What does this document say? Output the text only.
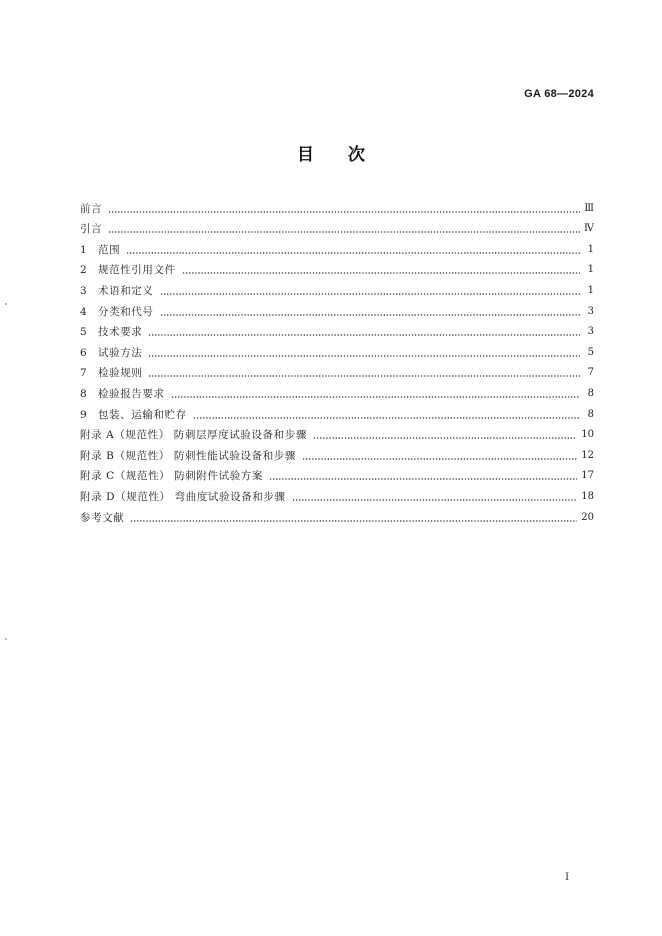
GA 68—2024
目次
前言	Ⅲ
引言	Ⅳ
1 范围	1
2 规范性引用文件	1
3 术语和定义	1
4 分类和代号	3
5 技术要求	3
6 试验方法	5
7 检验规则	7
8 检验报告要求	8
9 包装、运输和贮存	8
附录 A（规范性） 防刺层厚度试验设备和步骤	10
附录 B（规范性） 防刺性能试验设备和步骤	12
附录 C（规范性） 防刺附件试验方案	17
附录 D（规范性） 弯曲度试验设备和步骤	18
参考文献	20
I
